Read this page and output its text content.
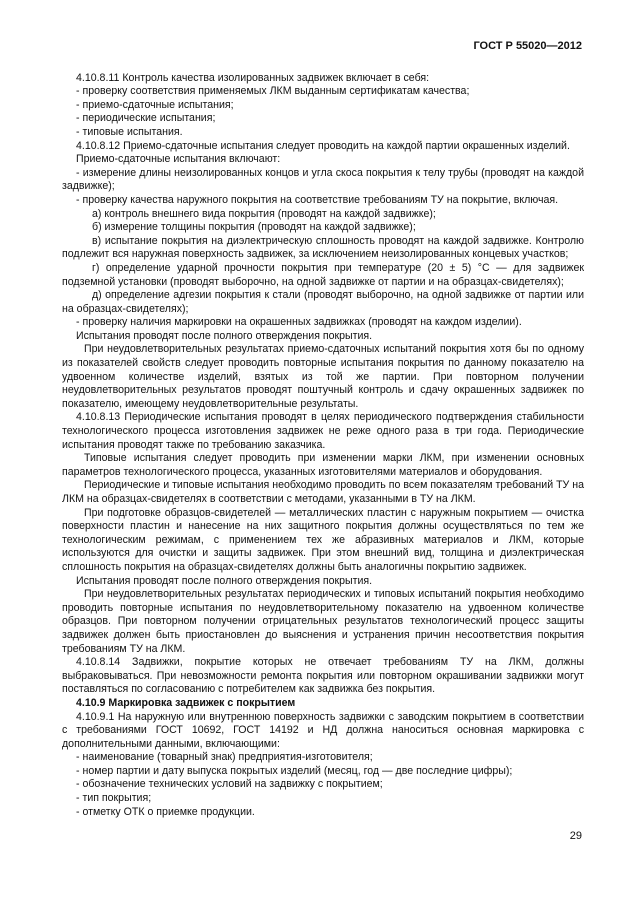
ГОСТ Р 55020—2012

4.10.8.11 Контроль качества изолированных задвижек включает в себя:

- проверку соответствия применяемых ЛКМ выданным сертификатам качества;

- приемо-сдаточные испытания;

- периодические испытания;

- типовые испытания.

4.10.8.12 Приемо-сдаточные испытания следует проводить на каждой партии окрашенных изделий.

Приемо-сдаточные испытания включают:

- измерение длины неизолированных концов и угла скоса покрытия к телу трубы (проводят на каждой задвижке);

- проверку качества наружного покрытия на соответствие требованиям ТУ на покрытие, включая.

а) контроль внешнего вида покрытия (проводят на каждой задвижке);

б) измерение толщины покрытия (проводят на каждой задвижке);

в) испытание покрытия на диэлектрическую сплошность проводят на каждой задвижке. Контролю подлежит вся наружная поверхность задвижек, за исключением неизолированных концевых участков;

г) определение ударной прочности покрытия при температуре (20 ± 5) °С — для задвижек подземной установки (проводят выборочно, на одной задвижке от партии и на образцах-свидетелях);

д) определение адгезии покрытия к стали (проводят выборочно, на одной задвижке от партии или на образцах-свидетелях);

- проверку наличия маркировки на окрашенных задвижках (проводят на каждом изделии).

Испытания проводят после полного отверждения покрытия.

При неудовлетворительных результатах приемо-сдаточных испытаний покрытия хотя бы по одному из показателей свойств следует проводить повторные испытания покрытия по данному показателю на удвоенном количестве изделий, взятых из той же партии. При повторном получении неудовлетворительных результатов проводят поштучный контроль и сдачу окрашенных задвижек по показателю, имеющему неудовлетворительные результаты.

4.10.8.13 Периодические испытания проводят в целях периодического подтверждения стабильности технологического процесса изготовления задвижек не реже одного раза в три года. Периодические испытания проводят также по требованию заказчика.

Типовые испытания следует проводить при изменении марки ЛКМ, при изменении основных параметров технологического процесса, указанных изготовителями материалов и оборудования.

Периодические и типовые испытания необходимо проводить по всем показателям требований ТУ на ЛКМ на образцах-свидетелях в соответствии с методами, указанными в ТУ на ЛКМ.

При подготовке образцов-свидетелей — металлических пластин с наружным покрытием — очистка поверхности пластин и нанесение на них защитного покрытия должны осуществляться по тем же технологическим режимам, с применением тех же абразивных материалов и ЛКМ, которые используются для очистки и защиты задвижек. При этом внешний вид, толщина и диэлектрическая сплошность покрытия на образцах-свидетелях должны быть аналогичны покрытию задвижек.

Испытания проводят после полного отверждения покрытия.

При неудовлетворительных результатах периодических и типовых испытаний покрытия необходимо проводить повторные испытания по неудовлетворительному показателю на удвоенном количестве образцов. При повторном получении отрицательных результатов технологический процесс защиты задвижек должен быть приостановлен до выяснения и устранения причин несоответствия покрытия требованиям ТУ на ЛКМ.

4.10.8.14 Задвижки, покрытие которых не отвечает требованиям ТУ на ЛКМ, должны выбраковываться. При невозможности ремонта покрытия или повторном окрашивании задвижки могут поставляться по согласованию с потребителем как задвижка без покрытия.

4.10.9 Маркировка задвижек с покрытием

4.10.9.1 На наружную или внутреннюю поверхность задвижки с заводским покрытием в соответствии с требованиями ГОСТ 10692, ГОСТ 14192 и НД должна наноситься основная маркировка с дополнительными данными, включающими:

- наименование (товарный знак) предприятия-изготовителя;

- номер партии и дату выпуска покрытых изделий (месяц, год — две последние цифры);

- обозначение технических условий на задвижку с покрытием;

- тип покрытия;

- отметку ОТК о приемке продукции.

29
